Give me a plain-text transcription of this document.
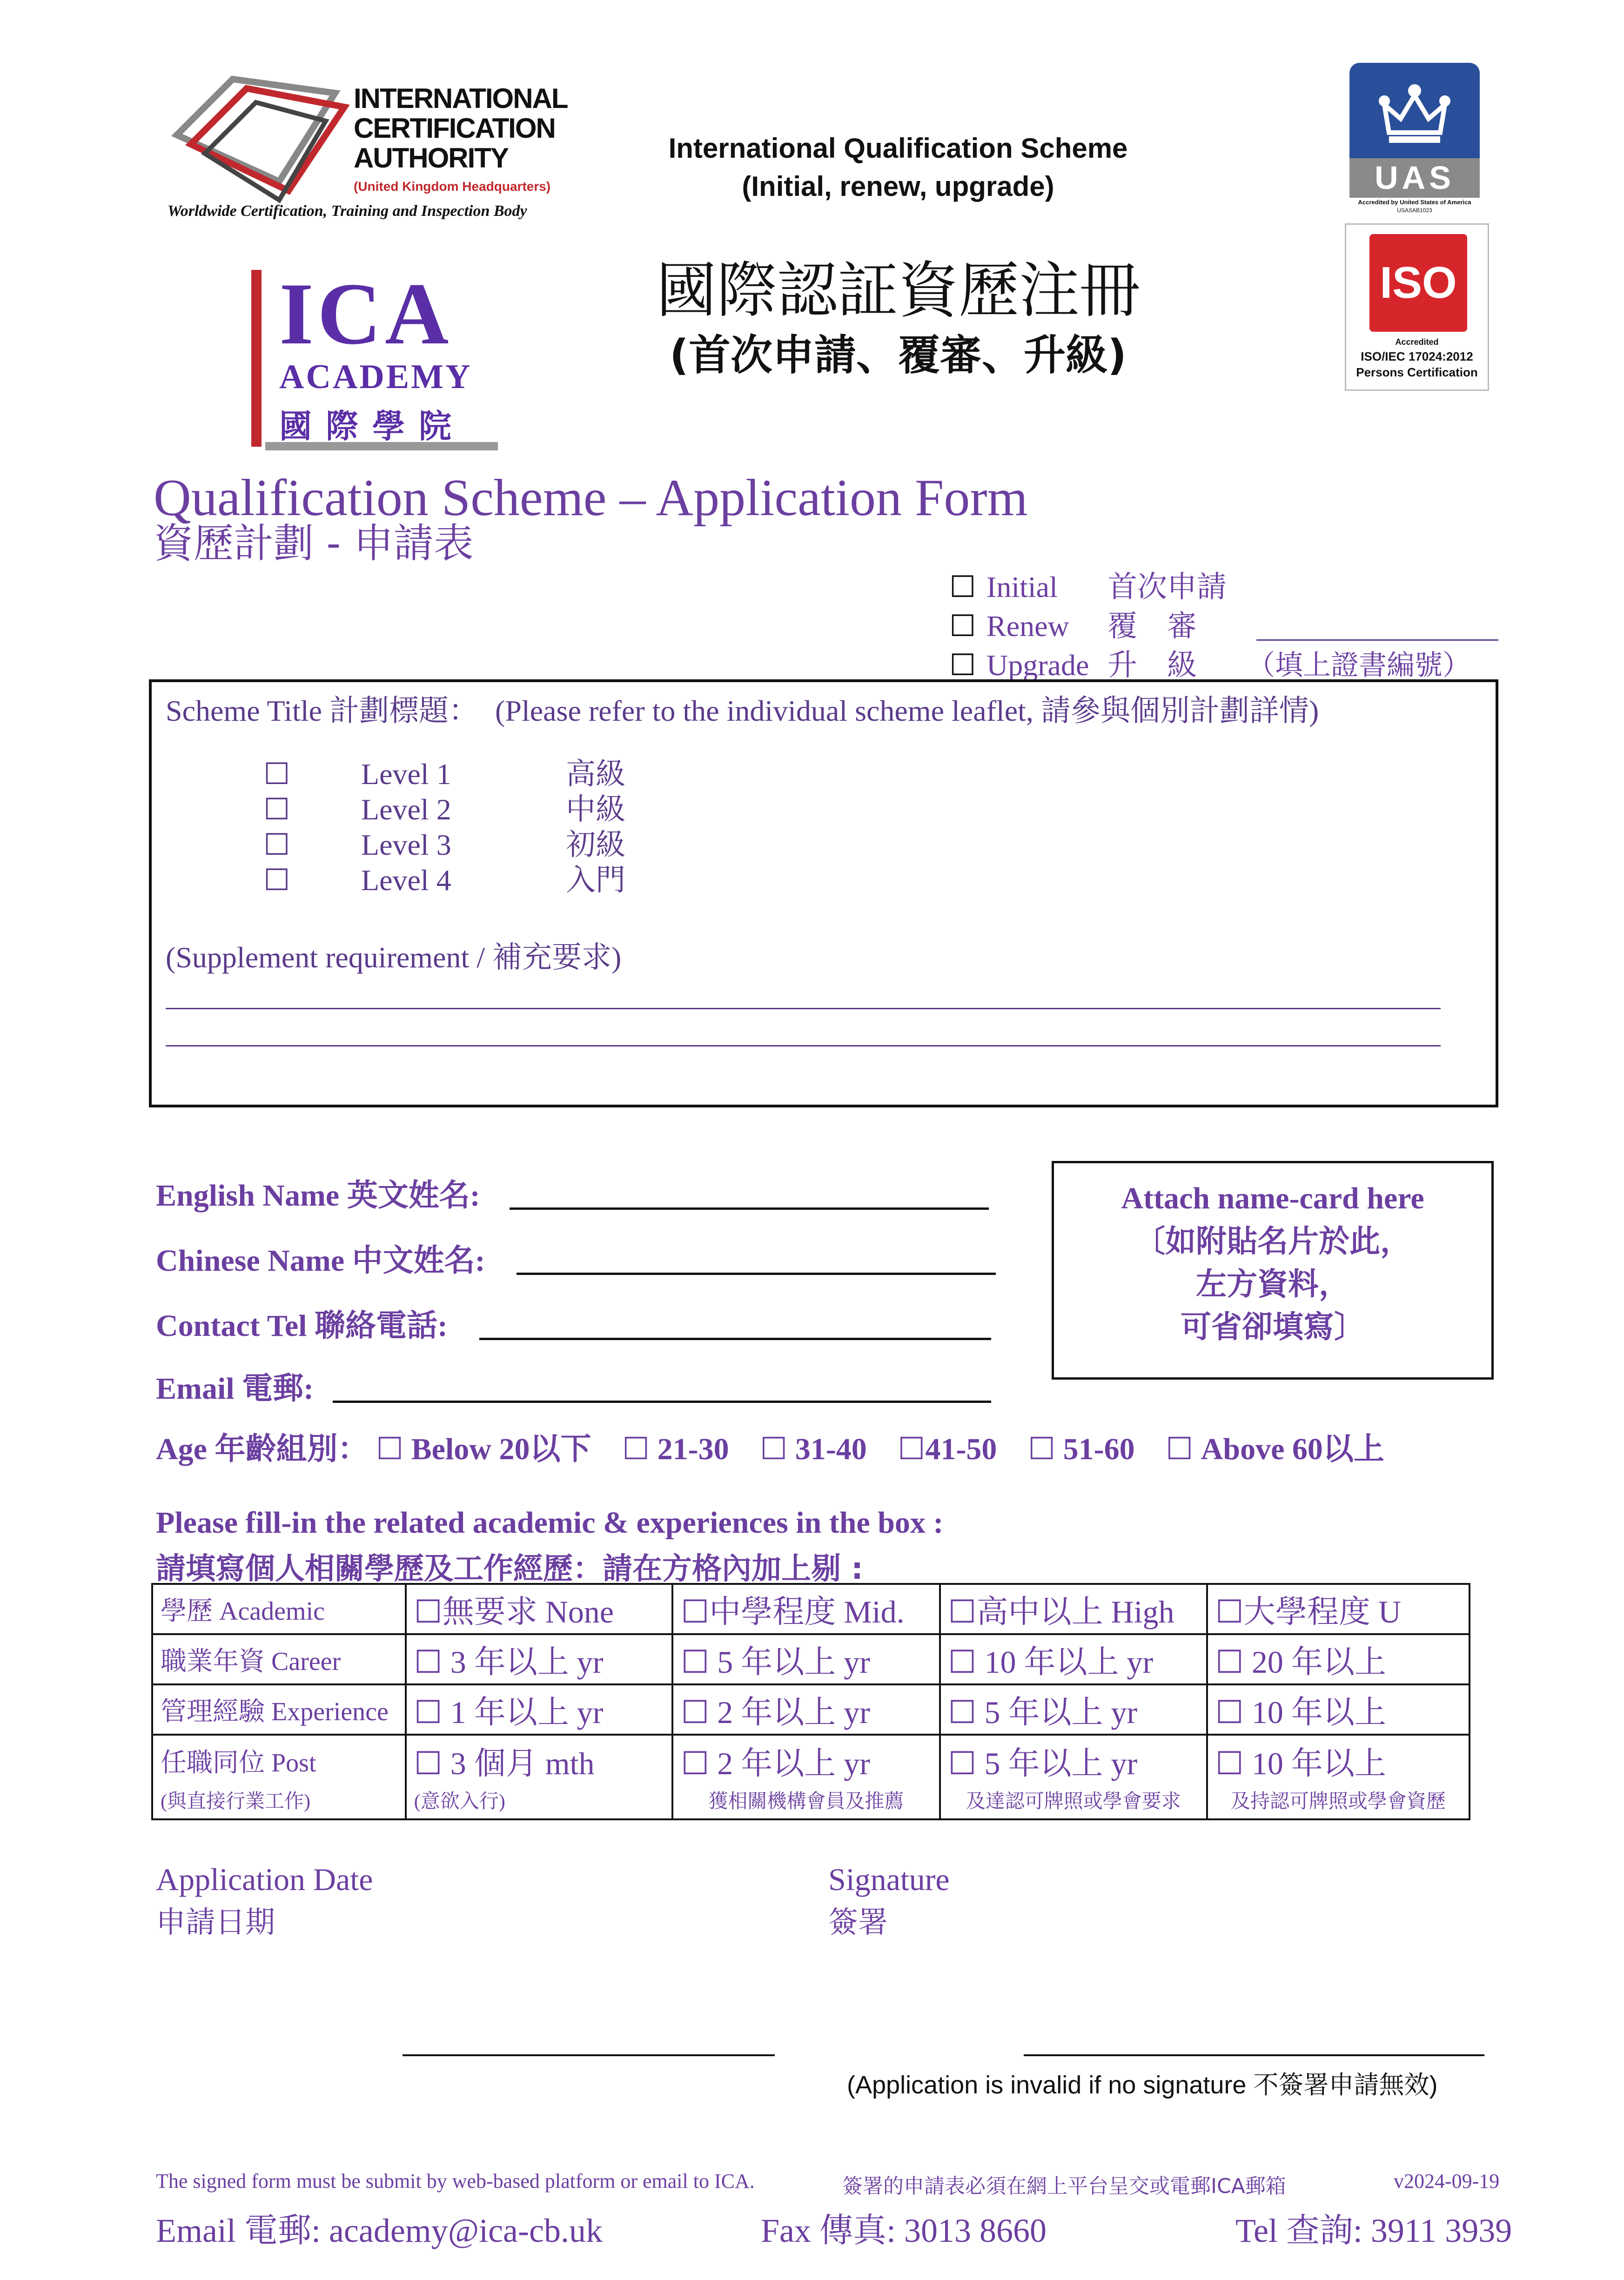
INTERNATIONAL
CERTIFICATION
AUTHORITY
(United Kingdom Headquarters)
Worldwide Certification, Training and Inspection Body
International Qualification Scheme
(Initial, renew, upgrade)
國際認証資歷注冊
(首次申請、覆審、升級)
ICA
ACADEMY
國際學院
UAS
Accredited by United States of America
USASAB1023
ISO
Accredited
ISO/IEC 17024:2012
Persons Certification
Qualification Scheme – Application Form
資歷計劃 - 申請表
☐ Initial 首次申請
☐ Renew 覆　審
☐ Upgrade 升　級 （填上證書編號）
Scheme Title 計劃標題： (Please refer to the individual scheme leaflet, 請參與個別計劃詳情)
☐ Level 1	高級
☐ Level 2	中級
☐ Level 3	初級
☐ Level 4	入門
(Supplement requirement / 補充要求)
English Name 英文姓名:
Chinese Name 中文姓名:
Contact Tel 聯絡電話:
Email 電郵:
Attach name-card here
〔如附貼名片於此，
左方資料，
可省卻填寫〕
Age 年齡組別： ☐ Below 20以下 ☐ 21-30 ☐ 31-40 ☐41-50 ☐ 51-60 ☐ Above 60以上
Please fill-in the related academic & experiences in the box :
請填寫個人相關學歷及工作經歷：請在方格內加上剔 :
學歷 Academic	☐無要求 None	☐中學程度 Mid.	☐高中以上 High	☐大學程度 U
職業年資 Career	☐ 3 年以上 yr	☐ 5 年以上 yr	☐ 10 年以上 yr	☐ 20 年以上
管理經驗 Experience	☐ 1 年以上 yr	☐ 2 年以上 yr	☐ 5 年以上 yr	☐ 10 年以上
任職同位 Post	☐ 3 個月 mth	☐ 2 年以上 yr	☐ 5 年以上 yr	☐ 10 年以上
(與直接行業工作)	(意欲入行)	獲相關機構會員及推薦	及達認可牌照或學會要求	及持認可牌照或學會資歷
Application Date
申請日期
Signature
簽署
(Application is invalid if no signature 不簽署申請無效)
The signed form must be submit by web-based platform or email to ICA.	簽署的申請表必須在網上平台呈交或電郵ICA郵箱	v2024-09-19
Email 電郵: academy@ica-cb.uk	Fax 傳真: 3013 8660	Tel 查詢: 3911 3939
